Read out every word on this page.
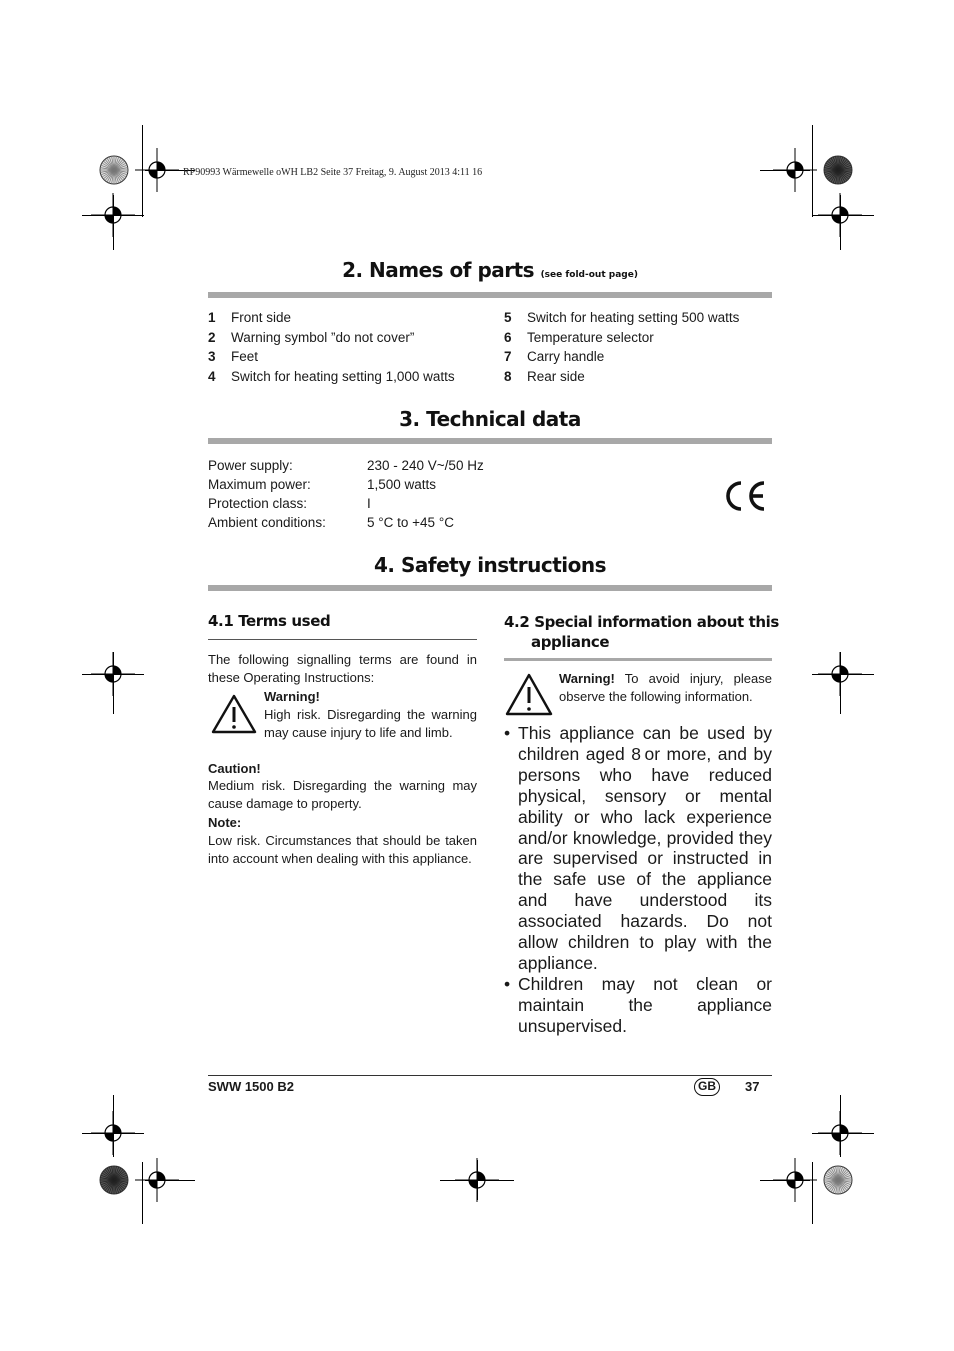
RP90993 Wärmewelle oWH LB2 Seite 37 Freitag, 9. August 2013 4:11 16
2. Names of parts (see fold-out page)
1 Front side
2 Warning symbol ”do not cover”
3 Feet
4 Switch for heating setting 1,000 watts
5 Switch for heating setting 500 watts
6 Temperature selector
7 Carry handle
8 Rear side
3. Technical data
Power supply:	230 - 240 V~/50 Hz
Maximum power:	1,500 watts
Protection class:	I
Ambient conditions:	5 °C to +45 °C
4. Safety instructions
4.1 Terms used
The following signalling terms are found in these Operating Instructions:
Warning!
High risk. Disregarding the warning may cause injury to life and limb.
Caution!
Medium risk. Disregarding the warning may cause damage to property.
Note:
Low risk. Circumstances that should be taken into account when dealing with this appliance.
4.2 Special information about this
appliance
Warning! To avoid injury, please observe the following information.
• This appliance can be used by children aged 8 or more, and by persons who have reduced physical, sensory or mental ability or who lack experience and/or knowledge, provided they are supervised or instructed in the safe use of the appliance and have understood its associated hazards. Do not allow children to play with the appliance.
• Children may not clean or maintain the appliance unsupervised.
SWW 1500 B2	GB	37
